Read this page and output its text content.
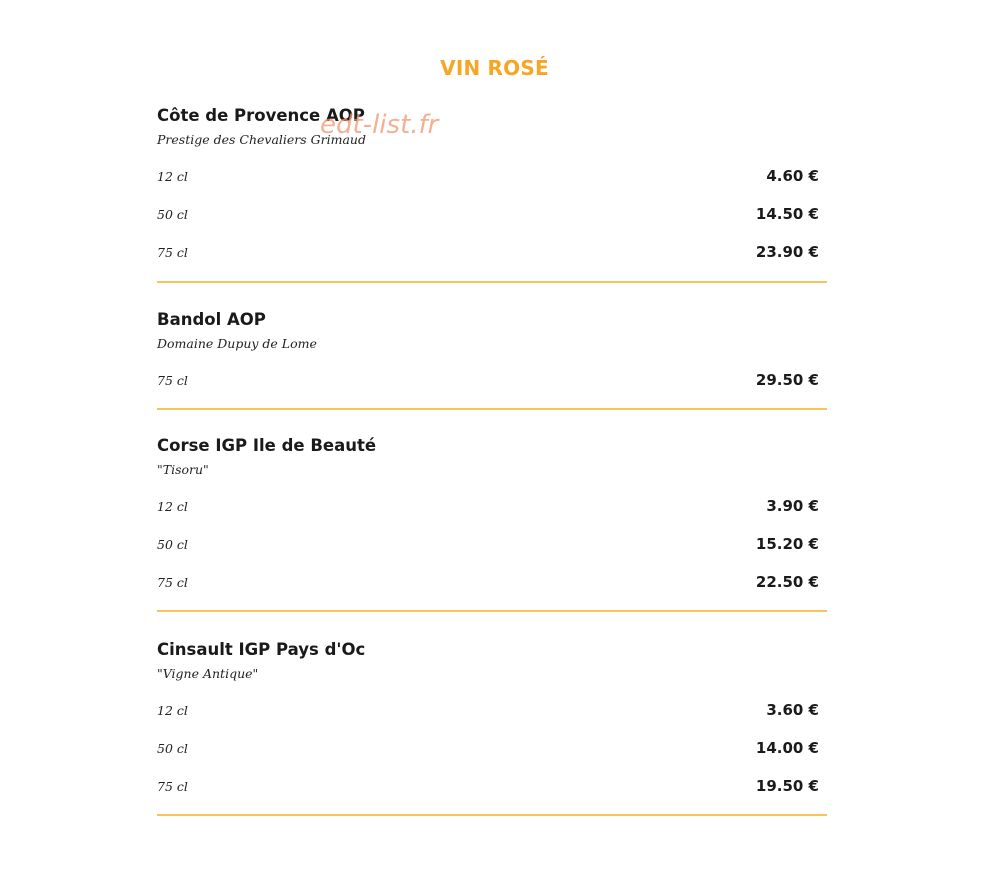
VIN ROSÉ
Côte de Provence AOP
Prestige des Chevaliers Grimaud
12 cl	4.60 €
50 cl	14.50 €
75 cl	23.90 €
Bandol AOP
Domaine Dupuy de Lome
75 cl	29.50 €
Corse IGP Ile de Beauté
"Tisoru"
12 cl	3.90 €
50 cl	15.20 €
75 cl	22.50 €
Cinsault IGP Pays d'Oc
"Vigne Antique"
12 cl	3.60 €
50 cl	14.00 €
75 cl	19.50 €
edt-list.fr
